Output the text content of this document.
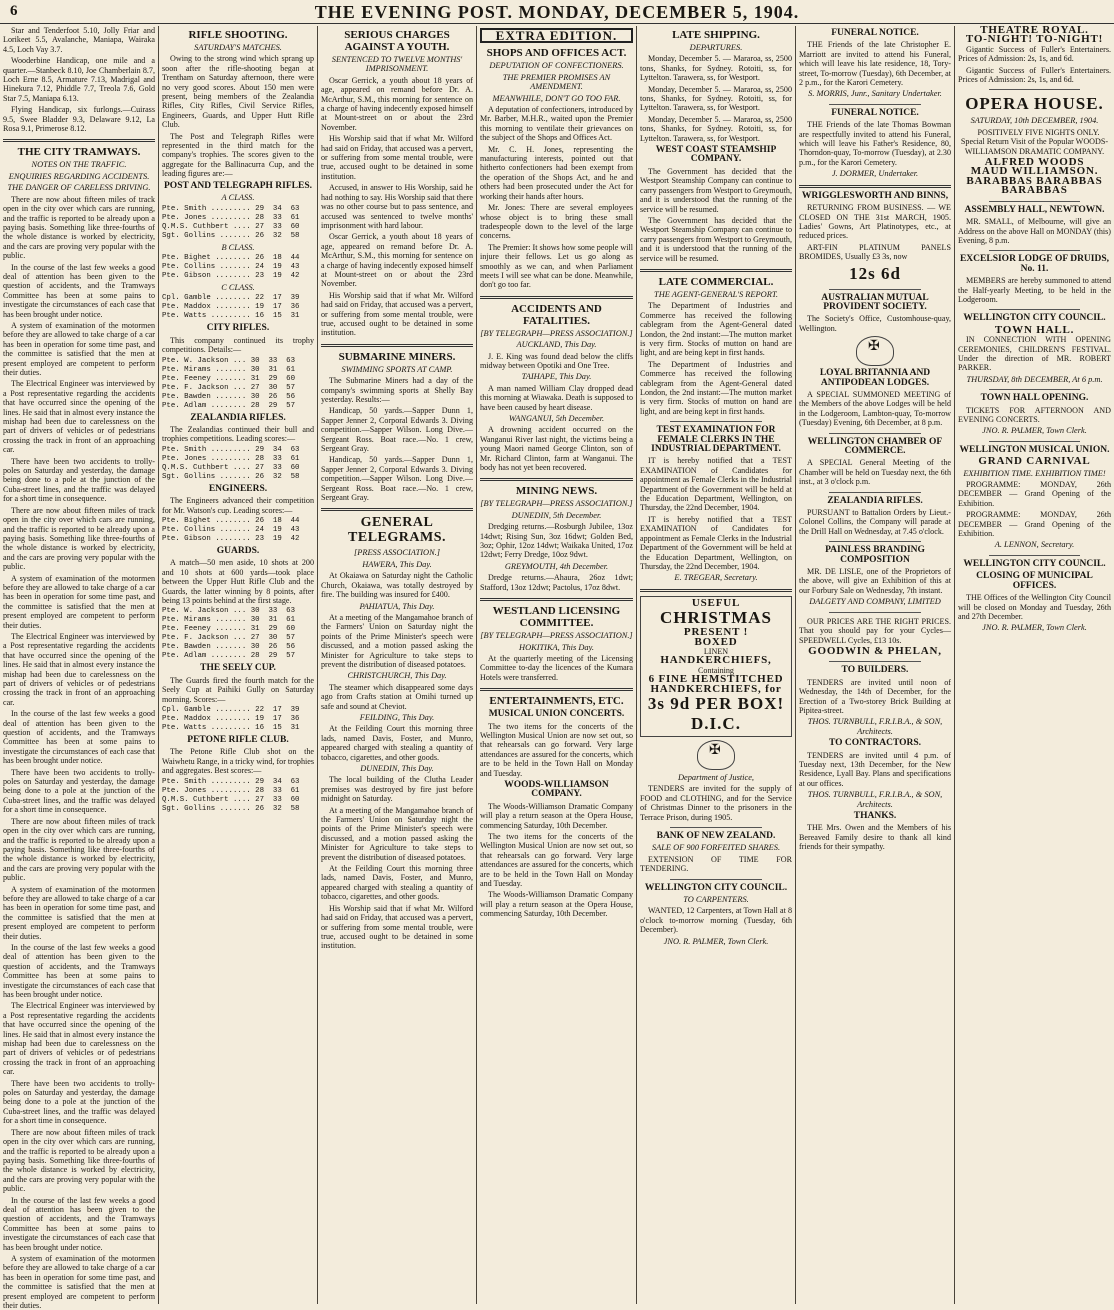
6	THE EVENING POST. MONDAY, DECEMBER 5, 1904.

Star and Tenderfoot 5.10, Jolly Friar and Lorikeet 5.5, Avalanche, Maniapa, Wairaka 4.5, Loch Vay 3.7.

Wooderbine Handicap, one mile and a quarter.—Stanbeck 8.10, Joe Chamberlain 8.7, Loch Erne 8.5, Armature 7.13, Madrigal and Hinekura 7.12, Phiddle 7.7, Treola 7.6, Gold Star 7.5, Maniapa 6.13.

Flying Handicap, six furlongs.—Cuirass 9.5, Swee Bladder 9.3, Delaware 9.12, La Rosa 9.1, Primerose 8.12.

THE CITY TRAMWAYS.
NOTES ON THE TRAFFIC.
ENQUIRIES REGARDING ACCIDENTS.
THE DANGER OF CARELESS DRIVING.

There are now about fifteen miles of track open in the city over which cars are running, and the traffic is reported to be already upon a paying basis. Something like three-fourths of the whole distance is worked by electricity, and the cars are proving very popular with the public.

In the course of the last few weeks a good deal of attention has been given to the question of accidents, and the Tramways Committee has been at some pains to investigate the circumstances of each case that has been brought under notice.

A system of examination of the motormen before they are allowed to take charge of a car has been in operation for some time past, and the committee is satisfied that the men at present employed are competent to perform their duties.

The Electrical Engineer was interviewed by a Post representative regarding the accidents that have occurred since the opening of the lines. He said that in almost every instance the mishap had been due to carelessness on the part of drivers of vehicles or of pedestrians crossing the track in front of an approaching car.

There have been two accidents to trolly-poles on Saturday and yesterday, the damage being done to a pole at the junction of the Cuba-street lines, and the traffic was delayed for a short time in consequence.

There are now about fifteen miles of track open in the city over which cars are running, and the traffic is reported to be already upon a paying basis. Something like three-fourths of the whole distance is worked by electricity, and the cars are proving very popular with the public.

A system of examination of the motormen before they are allowed to take charge of a car has been in operation for some time past, and the committee is satisfied that the men at present employed are competent to perform their duties.

The Electrical Engineer was interviewed by a Post representative regarding the accidents that have occurred since the opening of the lines. He said that in almost every instance the mishap had been due to carelessness on the part of drivers of vehicles or of pedestrians crossing the track in front of an approaching car.

In the course of the last few weeks a good deal of attention has been given to the question of accidents, and the Tramways Committee has been at some pains to investigate the circumstances of each case that has been brought under notice.

There have been two accidents to trolly-poles on Saturday and yesterday, the damage being done to a pole at the junction of the Cuba-street lines, and the traffic was delayed for a short time in consequence.

There are now about fifteen miles of track open in the city over which cars are running, and the traffic is reported to be already upon a paying basis. Something like three-fourths of the whole distance is worked by electricity, and the cars are proving very popular with the public.

A system of examination of the motormen before they are allowed to take charge of a car has been in operation for some time past, and the committee is satisfied that the men at present employed are competent to perform their duties.

In the course of the last few weeks a good deal of attention has been given to the question of accidents, and the Tramways Committee has been at some pains to investigate the circumstances of each case that has been brought under notice.

The Electrical Engineer was interviewed by a Post representative regarding the accidents that have occurred since the opening of the lines. He said that in almost every instance the mishap had been due to carelessness on the part of drivers of vehicles or of pedestrians crossing the track in front of an approaching car.

There have been two accidents to trolly-poles on Saturday and yesterday, the damage being done to a pole at the junction of the Cuba-street lines, and the traffic was delayed for a short time in consequence.

There are now about fifteen miles of track open in the city over which cars are running, and the traffic is reported to be already upon a paying basis. Something like three-fourths of the whole distance is worked by electricity, and the cars are proving very popular with the public.

In the course of the last few weeks a good deal of attention has been given to the question of accidents, and the Tramways Committee has been at some pains to investigate the circumstances of each case that has been brought under notice.

A system of examination of the motormen before they are allowed to take charge of a car has been in operation for some time past, and the committee is satisfied that the men at present employed are competent to perform their duties.

RIFLE SHOOTING.
SATURDAY'S MATCHES.

Owing to the strong wind which sprang up soon after the rifle-shooting began at Trentham on Saturday afternoon, there were no very good scores. About 150 men were present, being members of the Zealandia Rifles, City Rifles, Civil Service Rifles, Engineers, Guards, and Upper Hutt Rifle Club.

The Post and Telegraph Rifles were represented in the third match for the company's trophies. The scores given to the aggregate for the Ballinacurra Cup, and the leading figures are:—

POST AND TELEGRAPH RIFLES.
A CLASS.
Pte. Smith ......... 29  34  63
Pte. Jones ......... 28  33  61
Q.M.S. Cuthbert .... 27  33  60
Sgt. Gollins ....... 26  32  58
B CLASS.
Pte. Bighet ........ 26  18  44
Pte. Collins ....... 24  19  43
Pte. Gibson ........ 23  19  42
C CLASS.
Cpl. Gamble ........ 22  17  39
Pte. Maddox ........ 19  17  36
Pte. Watts ......... 16  15  31
CITY RIFLES.

This company continued its trophy competitions. Details:—

Pte. W. Jackson ... 30  33  63
Pte. Mirams ....... 30  31  61
Pte. Feeney ....... 31  29  60
Pte. F. Jackson ... 27  30  57
Pte. Bawden ....... 30  26  56
Pte. Adlam ........ 28  29  57
ZEALANDIA RIFLES.

The Zealandias continued their bull and trophies competitions. Leading scores:—

Pte. Smith ......... 29  34  63
Pte. Jones ......... 28  33  61
Q.M.S. Cuthbert .... 27  33  60
Sgt. Gollins ....... 26  32  58
ENGINEERS.

The Engineers advanced their competition for Mr. Watson's cup. Leading scores:—

Pte. Bighet ........ 26  18  44
Pte. Collins ....... 24  19  43
Pte. Gibson ........ 23  19  42
GUARDS.

A match—50 men aside, 10 shots at 200 and 10 shots at 600 yards—took place between the Upper Hutt Rifle Club and the Guards, the latter winning by 8 points, after being 13 points behind at the first stage.

Pte. W. Jackson ... 30  33  63
Pte. Mirams ....... 30  31  61
Pte. Feeney ....... 31  29  60
Pte. F. Jackson ... 27  30  57
Pte. Bawden ....... 30  26  56
Pte. Adlam ........ 28  29  57
THE SEELY CUP.

The Guards fired the fourth match for the Seely Cup at Paihiki Gully on Saturday morning. Scores:—

Cpl. Gamble ........ 22  17  39
Pte. Maddox ........ 19  17  36
Pte. Watts ......... 16  15  31
PETONE RIFLE CLUB.

The Petone Rifle Club shot on the Waiwhetu Range, in a tricky wind, for trophies and aggregates. Best scores:—

Pte. Smith ......... 29  34  63
Pte. Jones ......... 28  33  61
Q.M.S. Cuthbert .... 27  33  60
Sgt. Gollins ....... 26  32  58
SERIOUS CHARGES AGAINST A YOUTH.
SENTENCED TO TWELVE MONTHS' IMPRISONMENT.

Oscar Gerrick, a youth about 18 years of age, appeared on remand before Dr. A. McArthur, S.M., this morning for sentence on a charge of having indecently exposed himself at Mount-street on or about the 23rd November.

His Worship said that if what Mr. Wilford had said on Friday, that accused was a pervert, or suffering from some mental trouble, were true, accused ought to be detained in some institution.

Accused, in answer to His Worship, said he had nothing to say. His Worship said that there was no other course but to pass sentence, and accused was sentenced to twelve months' imprisonment with hard labour.

Oscar Gerrick, a youth about 18 years of age, appeared on remand before Dr. A. McArthur, S.M., this morning for sentence on a charge of having indecently exposed himself at Mount-street on or about the 23rd November.

His Worship said that if what Mr. Wilford had said on Friday, that accused was a pervert, or suffering from some mental trouble, were true, accused ought to be detained in some institution.

SUBMARINE MINERS.
SWIMMING SPORTS AT CAMP.

The Submarine Miners had a day of the company's swimming sports at Shelly Bay yesterday. Results:—

Handicap, 50 yards.—Sapper Dunn 1, Sapper Jenner 2, Corporal Edwards 3. Diving competition.—Sapper Wilson. Long Dive.—Sergeant Ross. Boat race.—No. 1 crew, Sergeant Gray.

Handicap, 50 yards.—Sapper Dunn 1, Sapper Jenner 2, Corporal Edwards 3. Diving competition.—Sapper Wilson. Long Dive.—Sergeant Ross. Boat race.—No. 1 crew, Sergeant Gray.

GENERAL TELEGRAMS.
[PRESS ASSOCIATION.]
HAWERA, This Day.

At Okaiawa on Saturday night the Catholic Church, Okaiawa, was totally destroyed by fire. The building was insured for £400.

PAHIATUA, This Day.

At a meeting of the Mangamahoe branch of the Farmers' Union on Saturday night the points of the Prime Minister's speech were discussed, and a motion passed asking the Minister for Agriculture to take steps to prevent the distribution of diseased potatoes.

CHRISTCHURCH, This Day.

The steamer which disappeared some days ago from Crafts station at Omihi turned up safe and sound at Cheviot.

FEILDING, This Day.

At the Feilding Court this morning three lads, named Davis, Foster, and Munro, appeared charged with stealing a quantity of tobacco, cigarettes, and other goods.

DUNEDIN, This Day.

The local building of the Clutha Leader premises was destroyed by fire just before midnight on Saturday.

At a meeting of the Mangamahoe branch of the Farmers' Union on Saturday night the points of the Prime Minister's speech were discussed, and a motion passed asking the Minister for Agriculture to take steps to prevent the distribution of diseased potatoes.

At the Feilding Court this morning three lads, named Davis, Foster, and Munro, appeared charged with stealing a quantity of tobacco, cigarettes, and other goods.

His Worship said that if what Mr. Wilford had said on Friday, that accused was a pervert, or suffering from some mental trouble, were true, accused ought to be detained in some institution.

EXTRA EDITION.
SHOPS AND OFFICES ACT.
DEPUTATION OF CONFECTIONERS.
THE PREMIER PROMISES AN AMENDMENT.
MEANWHILE, DON'T GO TOO FAR.

A deputation of confectioners, introduced by Mr. Barber, M.H.R., waited upon the Premier this morning to ventilate their grievances on the subject of the Shops and Offices Act.

Mr. C. H. Jones, representing the manufacturing interests, pointed out that hitherto confectioners had been exempt from the operation of the Shops Act, and he and others had been prosecuted under the Act for working their hands after hours.

Mr. Jones: There are several employees whose object is to bring these small tradespeople down to the level of the large concerns.

The Premier: It shows how some people will injure their fellows. Let us go along as smoothly as we can, and when Parliament meets I will see what can be done. Meanwhile, don't go too far.

ACCIDENTS AND FATALITIES.
[BY TELEGRAPH—PRESS ASSOCIATION.]
AUCKLAND, This Day.

J. E. King was found dead below the cliffs midway between Opotiki and One Tree.

TAIHAPE, This Day.

A man named William Clay dropped dead this morning at Wiawaka. Death is supposed to have been caused by heart disease.

WANGANUI, 5th December.

A drowning accident occurred on the Wanganui River last night, the victims being a young Maori named George Clinton, son of Mr. Richard Clinton, farm at Wanganui. The body has not yet been recovered.

MINING NEWS.
[BY TELEGRAPH—PRESS ASSOCIATION.]
DUNEDIN, 5th December.

Dredging returns.—Rosburgh Jubilee, 13oz 14dwt; Rising Sun, 3oz 16dwt; Golden Bed, 3oz; Ophir, 12oz 14dwt; Waikaka United, 17oz 12dwt; Ferry Dredge, 10oz 9dwt.

GREYMOUTH, 4th December.

Dredge returns.—Ahaura, 26oz 1dwt; Stafford, 13oz 12dwt; Pactolus, 17oz 8dwt.

WESTLAND LICENSING COMMITTEE.
[BY TELEGRAPH—PRESS ASSOCIATION.]
HOKITIKA, This Day.

At the quarterly meeting of the Licensing Committee to-day the licences of the Kumara Hotels were transferred.

ENTERTAINMENTS, ETC.
MUSICAL UNION CONCERTS.

The two items for the concerts of the Wellington Musical Union are now set out, so that rehearsals can go forward. Very large attendances are assured for the concerts, which are to be held in the Town Hall on Monday and Tuesday.

WOODS-WILLIAMSON COMPANY.

The Woods-Williamson Dramatic Company will play a return season at the Opera House, commencing Saturday, 10th December.

The two items for the concerts of the Wellington Musical Union are now set out, so that rehearsals can go forward. Very large attendances are assured for the concerts, which are to be held in the Town Hall on Monday and Tuesday.

The Woods-Williamson Dramatic Company will play a return season at the Opera House, commencing Saturday, 10th December.

LATE SHIPPING.
DEPARTURES.

Monday, December 5. — Mararoa, ss, 2500 tons, Shanks, for Sydney. Rotoiti, ss, for Lyttelton. Tarawera, ss, for Westport.

Monday, December 5. — Mararoa, ss, 2500 tons, Shanks, for Sydney. Rotoiti, ss, for Lyttelton. Tarawera, ss, for Westport.

Monday, December 5. — Mararoa, ss, 2500 tons, Shanks, for Sydney. Rotoiti, ss, for Lyttelton. Tarawera, ss, for Westport.

WEST COAST STEAMSHIP COMPANY.

The Government has decided that the Westport Steamship Company can continue to carry passengers from Westport to Greymouth, and it is understood that the running of the service will be resumed.

The Government has decided that the Westport Steamship Company can continue to carry passengers from Westport to Greymouth, and it is understood that the running of the service will be resumed.

LATE COMMERCIAL.
THE AGENT-GENERAL'S REPORT.

The Department of Industries and Commerce has received the following cablegram from the Agent-General dated London, the 2nd instant:—The mutton market is very firm. Stocks of mutton on hand are light, and are being kept in first hands.

The Department of Industries and Commerce has received the following cablegram from the Agent-General dated London, the 2nd instant:—The mutton market is very firm. Stocks of mutton on hand are light, and are being kept in first hands.

TEST EXAMINATION FOR FEMALE CLERKS IN THE INDUSTRIAL DEPARTMENT.

IT is hereby notified that a TEST EXAMINATION of Candidates for appointment as Female Clerks in the Industrial Department of the Government will be held at the Education Department, Wellington, on Thursday, the 22nd December, 1904.

IT is hereby notified that a TEST EXAMINATION of Candidates for appointment as Female Clerks in the Industrial Department of the Government will be held at the Education Department, Wellington, on Thursday, the 22nd December, 1904.

E. TREGEAR, Secretary.
USEFUL
CHRISTMAS
PRESENT !
BOXED
LINEN
HANDKERCHIEFS,
Containing
6 FINE HEMSTITCHED HANDKERCHIEFS, for
3s 9d PER BOX!
D.I.C.
✠
Department of Justice,

TENDERS are invited for the supply of FOOD and CLOTHING, and for the Service of Christmas Dinner to the prisoners in the Terrace Prison, during 1905.

BANK OF NEW ZEALAND.
SALE OF 900 FORFEITED SHARES.

EXTENSION OF TIME FOR TENDERING.

WELLINGTON CITY COUNCIL.
TO CARPENTERS.

WANTED, 12 Carpenters, at Town Hall at 8 o'clock to-morrow morning (Tuesday, 6th December).

JNO. R. PALMER, Town Clerk.
FUNERAL NOTICE.

THE Friends of the late Christopher E. Marriott are invited to attend his Funeral, which will leave his late residence, 18, Tory-street, To-morrow (Tuesday), 6th December, at 2 p.m., for the Karori Cemetery.

S. MORRIS, Junr., Sanitary Undertaker.
FUNERAL NOTICE.

THE Friends of the late Thomas Bowman are respectfully invited to attend his Funeral, which will leave his Father's Residence, 80, Thorndon-quay, To-morrow (Tuesday), at 2.30 p.m., for the Karori Cemetery.

J. DORMER, Undertaker.
WRIGGLESWORTH AND BINNS,

RETURNING FROM BUSINESS. — WE CLOSED ON THE 31st MARCH, 1905. Ladies' Gowns, Art Platinotypes, etc., at reduced prices.

ART-FIN PLATINUM PANELS BROMIDES, Usually £3 3s, now

12s 6d
AUSTRALIAN MUTUAL PROVIDENT SOCIETY.

The Society's Office, Customhouse-quay, Wellington.

✠
LOYAL BRITANNIA AND ANTIPODEAN LODGES.

A SPECIAL SUMMONED MEETING of the Members of the above Lodges will be held in the Lodgeroom, Lambton-quay, To-morrow (Tuesday) Evening, 6th December, at 8 p.m.

WELLINGTON CHAMBER OF COMMERCE.

A SPECIAL General Meeting of the Chamber will be held on Tuesday next, the 6th inst., at 3 o'clock p.m.

ZEALANDIA RIFLES.

PURSUANT to Battalion Orders by Lieut.-Colonel Collins, the Company will parade at the Drill Hall on Wednesday, at 7.45 o'clock.

PAINLESS BRANDING COMPOSITION

MR. DE LISLE, one of the Proprietors of the above, will give an Exhibition of this at our Forbury Sale on Wednesday, 7th instant.

DALGETY AND COMPANY, LIMITED

OUR PRICES ARE THE RIGHT PRICES. That you should pay for your Cycles—SPEEDWELL Cycles, £13 10s.

GOODWIN & PHELAN,
TO BUILDERS.

TENDERS are invited until noon of Wednesday, the 14th of December, for the Erection of a Two-storey Brick Building at Pipitea-street.

THOS. TURNBULL, F.R.I.B.A., & SON, Architects.
TO CONTRACTORS.

TENDERS are invited until 4 p.m. of Tuesday next, 13th December, for the New Residence, Lyall Bay. Plans and specifications at our offices.

THOS. TURNBULL, F.R.I.B.A., & SON, Architects.
THANKS.

THE Mrs. Owen and the Members of his Bereaved Family desire to thank all kind friends for their sympathy.

THEATRE ROYAL.
TO-NIGHT! TO-NIGHT!

Gigantic Success of Fuller's Entertainers. Prices of Admission: 2s, 1s, and 6d.

Gigantic Success of Fuller's Entertainers. Prices of Admission: 2s, 1s, and 6d.

OPERA HOUSE.
SATURDAY, 10th DECEMBER, 1904.

POSITIVELY FIVE NIGHTS ONLY. Special Return Visit of the Popular WOODS-WILLIAMSON DRAMATIC COMPANY.

ALFRED WOODS
MAUD WILLIAMSON.
BARABBAS BARABBAS BARABBAS
ASSEMBLY HALL, NEWTOWN.

MR. SMALL, of Melbourne, will give an Address on the above Hall on MONDAY (this) Evening, 8 p.m.

EXCELSIOR LODGE OF DRUIDS, No. 11.

MEMBERS are hereby summoned to attend the Half-yearly Meeting, to be held in the Lodgeroom.

WELLINGTON CITY COUNCIL.
TOWN HALL.

IN CONNECTION WITH OPENING CEREMONIES, CHILDREN'S FESTIVAL. Under the direction of MR. ROBERT PARKER.

THURSDAY, 8th DECEMBER, At 6 p.m.
TOWN HALL OPENING.

TICKETS FOR AFTERNOON AND EVENING CONCERTS.

JNO. R. PALMER, Town Clerk.
WELLINGTON MUSICAL UNION.
GRAND CARNIVAL
EXHIBITION TIME. EXHIBITION TIME!

PROGRAMME: MONDAY, 26th DECEMBER — Grand Opening of the Exhibition.

PROGRAMME: MONDAY, 26th DECEMBER — Grand Opening of the Exhibition.

A. LENNON, Secretary.
WELLINGTON CITY COUNCIL.
CLOSING OF MUNICIPAL OFFICES.

THE Offices of the Wellington City Council will be closed on Monday and Tuesday, 26th and 27th December.

JNO. R. PALMER, Town Clerk.
